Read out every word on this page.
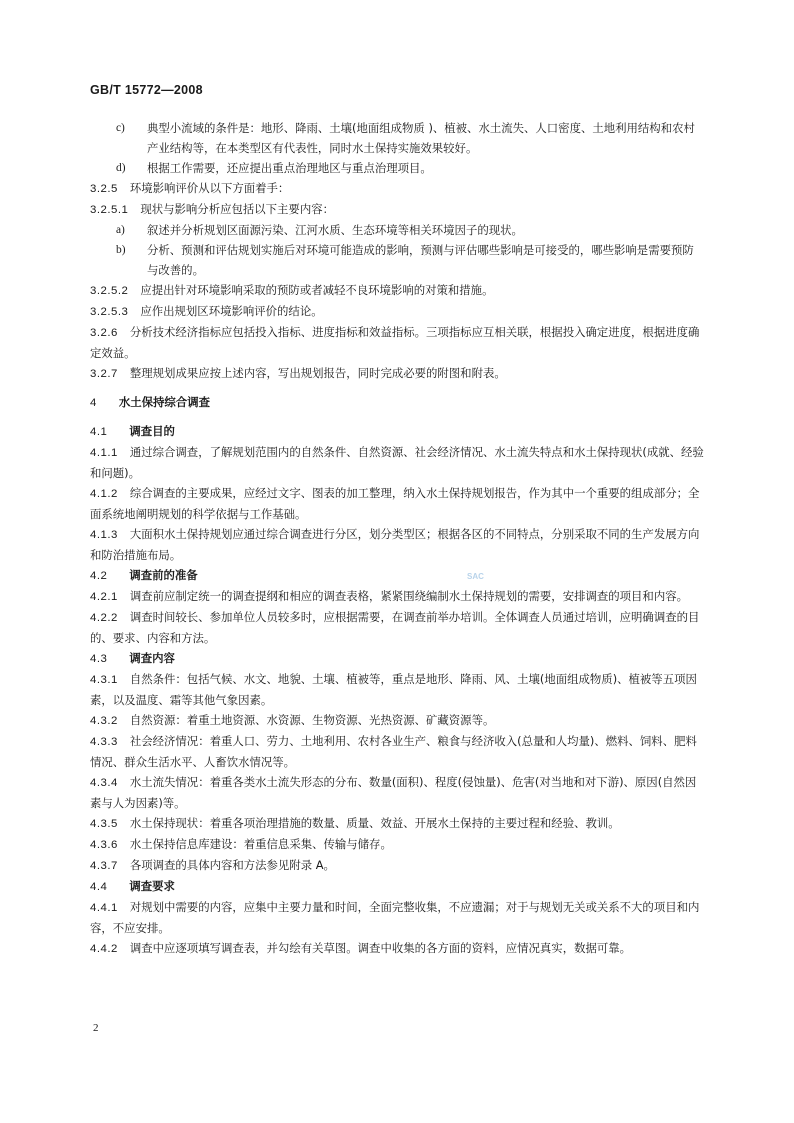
GB/T 15772—2008
c) 典型小流域的条件是：地形、降雨、土壤(地面组成物质 )、植被、水土流失、人口密度、土地利用结构和农村产业结构等，在本类型区有代表性，同时水土保持实施效果较好。
d) 根据工作需要，还应提出重点治理地区与重点治理项目。
3.2.5 环境影响评价从以下方面着手：
3.2.5.1 现状与影响分析应包括以下主要内容：
a) 叙述并分析规划区面源污染、江河水质、生态环境等相关环境因子的现状。
b) 分析、预测和评估规划实施后对环境可能造成的影响，预测与评估哪些影响是可接受的，哪些影响是需要预防与改善的。
3.2.5.2 应提出针对环境影响采取的预防或者减轻不良环境影响的对策和措施。
3.2.5.3 应作出规划区环境影响评价的结论。
3.2.6 分析技术经济指标应包括投入指标、进度指标和效益指标。三项指标应互相关联，根据投入确定进度，根据进度确定效益。
3.2.7 整理规划成果应按上述内容，写出规划报告，同时完成必要的附图和附表。
4 水土保持综合调查
4.1 调查目的
4.1.1 通过综合调查，了解规划范围内的自然条件、自然资源、社会经济情况、水土流失特点和水土保持现状(成就、经验和问题)。
4.1.2 综合调查的主要成果，应经过文字、图表的加工整理，纳入水土保持规划报告，作为其中一个重要的组成部分；全面系统地阐明规划的科学依据与工作基础。
4.1.3 大面积水土保持规划应通过综合调查进行分区，划分类型区；根据各区的不同特点，分别采取不同的生产发展方向和防治措施布局。
4.2 调查前的准备
4.2.1 调查前应制定统一的调查提纲和相应的调查表格，紧紧围绕编制水土保持规划的需要，安排调查的项目和内容。
4.2.2 调查时间较长、参加单位人员较多时，应根据需要，在调查前举办培训。全体调查人员通过培训，应明确调查的目的、要求、内容和方法。
4.3 调查内容
4.3.1 自然条件：包括气候、水文、地貌、土壤、植被等，重点是地形、降雨、风、土壤(地面组成物质)、植被等五项因素，以及温度、霜等其他气象因素。
4.3.2 自然资源：着重土地资源、水资源、生物资源、光热资源、矿藏资源等。
4.3.3 社会经济情况：着重人口、劳力、土地利用、农村各业生产、粮食与经济收入(总量和人均量)、燃料、饲料、肥料情况、群众生活水平、人畜饮水情况等。
4.3.4 水土流失情况：着重各类水土流失形态的分布、数量(面积)、程度(侵蚀量)、危害(对当地和对下游)、原因(自然因素与人为因素)等。
4.3.5 水土保持现状：着重各项治理措施的数量、质量、效益、开展水土保持的主要过程和经验、教训。
4.3.6 水土保持信息库建设：着重信息采集、传输与储存。
4.3.7 各项调查的具体内容和方法参见附录 A。
4.4 调查要求
4.4.1 对规划中需要的内容，应集中主要力量和时间，全面完整收集，不应遗漏；对于与规划无关或关系不大的项目和内容，不应安排。
4.4.2 调查中应逐项填写调查表，并勾绘有关草图。调查中收集的各方面的资料，应情况真实，数据可靠。
SAC
2
